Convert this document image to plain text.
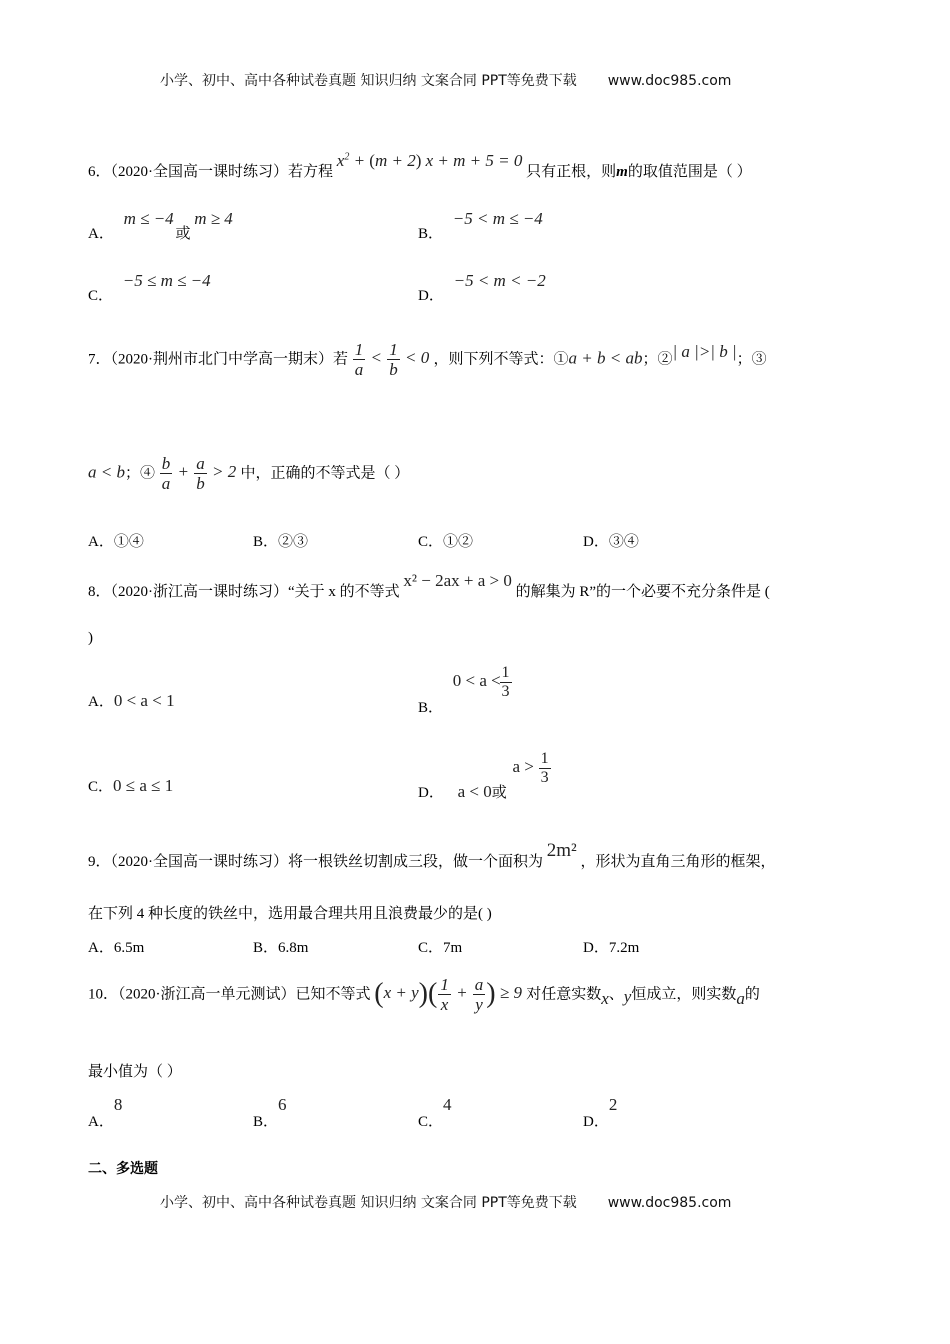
小学、初中、高中各种试卷真题 知识归纳 文案合同 PPT等免费下载 www.doc985.com
6．（2020·全国高一课时练习）若方程 $x^2 + (m + 2) x + m + 5 = 0$ 只有正根，则m的取值范围是（ ）
A． m ≤ −4 或 m ≥ 4
B． −5 < m ≤ −4
C． −5 ≤ m ≤ −4
D． −5 < m < −2
7．（2020·荆州市北门中学高一期末）若 $\frac{1}{a} < \frac{1}{b} < 0$ ，则下列不等式：①a + b < ab；②| a |>| b |；③
a < b；④ $\frac{b}{a} + \frac{a}{b} > 2$ 中，正确的不等式是（ ）
A．①④	B．②③	C．①②	D．③④
8．（2020·浙江高一课时练习）“关于 x 的不等式 x² − 2ax + a > 0 的解集为 R”的一个必要不充分条件是 (
)
A．0 < a < 1	B． 0 < a <
$\frac{1}{3}$
C．0 ≤ a ≤ 1	D． a < 0或 $a > \frac{1}{3}$
9．（2020·全国高一课时练习）将一根铁丝切割成三段，做一个面积为 2m² ，形状为直角三角形的框架，
在下列 4 种长度的铁丝中，选用最合理共用且浪费最少的是( )
A．6.5m	B．6.8m	C．7m	D．7.2m
10．（2020·浙江高一单元测试）已知不等式 $(x + y)( \frac{1}{x} + \frac{a}{y}$ ) ≥ 9 对任意实数x、y恒成立，则实数a的
最小值为（ ）
A．8
B．6
C．4
D．2
二、多选题
小学、初中、高中各种试卷真题 知识归纳 文案合同 PPT等免费下载 www.doc985.com
